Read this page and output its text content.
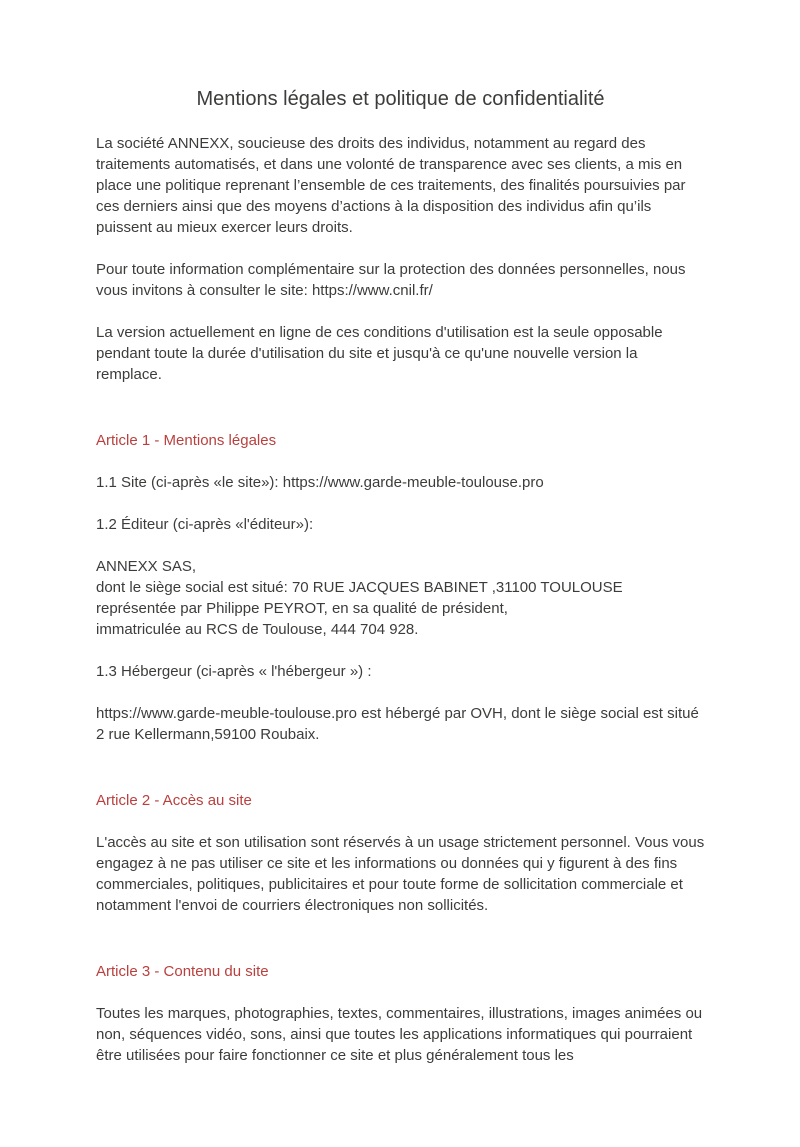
Mentions légales et politique de confidentialité

La société ANNEXX, soucieuse des droits des individus, notamment au regard des traitements automatisés, et dans une volonté de transparence avec ses clients, a mis en place une politique reprenant l’ensemble de ces traitements, des finalités poursuivies par ces derniers ainsi que des moyens d’actions à la disposition des individus afin qu’ils puissent au mieux exercer leurs droits.

Pour toute information complémentaire sur la protection des données personnelles, nous vous invitons à consulter le site: https://www.cnil.fr/

La version actuellement en ligne de ces conditions d'utilisation est la seule opposable pendant toute la durée d'utilisation du site et jusqu'à ce qu'une nouvelle version la remplace.

Article 1 - Mentions légales

1.1 Site (ci-après «le site»): https://www.garde-meuble-toulouse.pro

1.2 Éditeur (ci-après «l'éditeur»):

ANNEXX SAS,
dont le siège social est situé: 70 RUE JACQUES BABINET ,31100 TOULOUSE
représentée par Philippe PEYROT, en sa qualité de président,
immatriculée au RCS de Toulouse, 444 704 928.

1.3 Hébergeur (ci-après « l'hébergeur ») :

https://www.garde-meuble-toulouse.pro est hébergé par OVH, dont le siège social est situé 2 rue Kellermann,59100 Roubaix.

Article 2 - Accès au site

L'accès au site et son utilisation sont réservés à un usage strictement personnel. Vous vous engagez à ne pas utiliser ce site et les informations ou données qui y figurent à des fins commerciales, politiques, publicitaires et pour toute forme de sollicitation commerciale et notamment l'envoi de courriers électroniques non sollicités.

Article 3 - Contenu du site

Toutes les marques, photographies, textes, commentaires, illustrations, images animées ou non, séquences vidéo, sons, ainsi que toutes les applications informatiques qui pourraient être utilisées pour faire fonctionner ce site et plus généralement tous les
